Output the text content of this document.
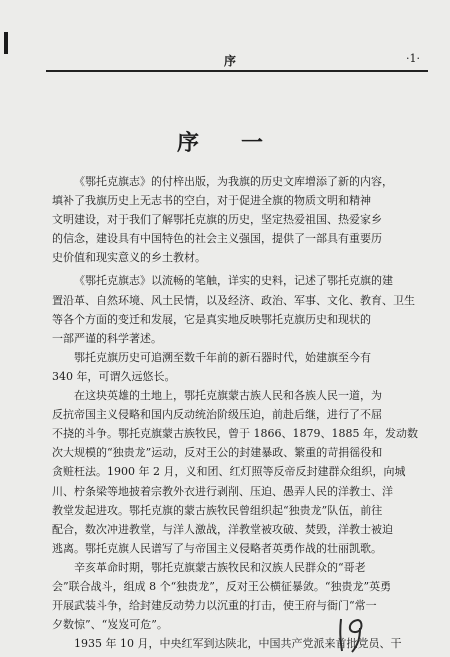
序	·1·
序　一
《鄂托克旗志》的付梓出版，为我旗的历史文库增添了新的内容，
填补了我旗历史上无志书的空白，对于促进全旗的物质文明和精神
文明建设，对于我们了解鄂托克旗的历史，坚定热爱祖国、热爱家乡
的信念，建设具有中国特色的社会主义强国，提供了一部具有重要历
史价值和现实意义的乡土教材。
《鄂托克旗志》以流畅的笔触，详实的史料，记述了鄂托克旗的建
置沿革、自然环境、风土民情，以及经济、政治、军事、文化、教育、卫生
等各个方面的变迁和发展，它是真实地反映鄂托克旗历史和现状的
一部严谨的科学著述。
鄂托克旗历史可追溯至数千年前的新石器时代，始建旗至今有
340 年，可谓久远悠长。
在这块英雄的土地上，鄂托克旗蒙古族人民和各族人民一道，为
反抗帝国主义侵略和国内反动统治阶级压迫，前赴后继，进行了不屈
不挠的斗争。鄂托克旗蒙古族牧民，曾于 1866、1879、1885 年，发动数
次大规模的“独贵龙”运动，反对王公的封建暴政、繁重的苛捐徭役和
贪赃枉法。1900 年 2 月，义和团、红灯照等反帝反封建群众组织，向城
川、柠条梁等地披着宗教外衣进行剥削、压迫、愚弄人民的洋教士、洋
教堂发起进攻。鄂托克旗的蒙古族牧民曾组织起“独贵龙”队伍，前往
配合，数次冲进教堂，与洋人激战，洋教堂被攻破、焚毁，洋教士被迫
逃离。鄂托克旗人民谱写了与帝国主义侵略者英勇作战的壮丽凯歌。
辛亥革命时期，鄂托克旗蒙古族牧民和汉族人民群众的“哥老
会”联合战斗，组成 8 个“独贵龙”，反对王公横征暴敛。“独贵龙”英勇
开展武装斗争，给封建反动势力以沉重的打击，使王府与衙门“常一
夕数惊”、“岌岌可危”。
1935 年 10 月，中央红军到达陕北，中国共产党派来首批党员、干
